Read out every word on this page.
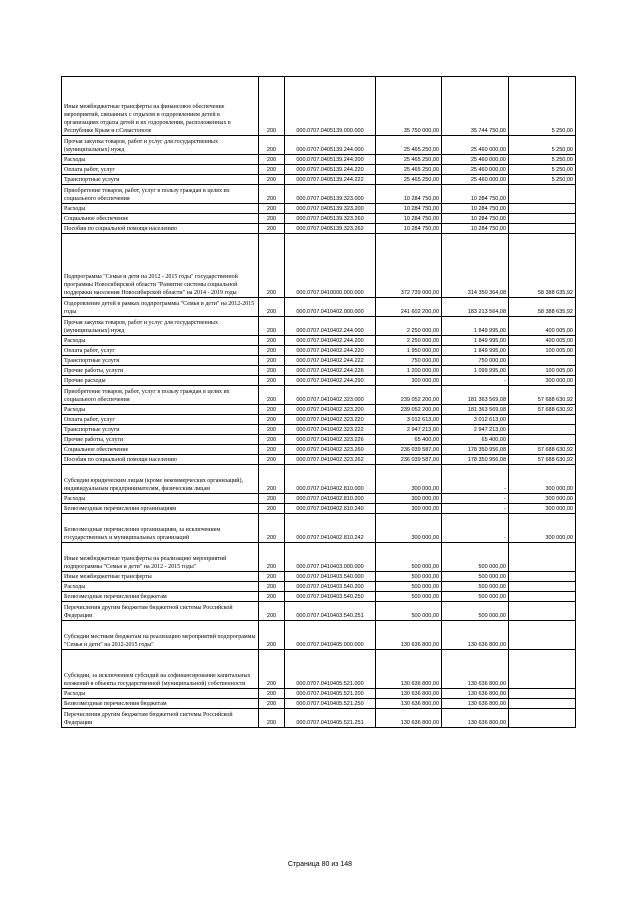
Иные межбюджетные трансферты на финансовое обеспечение мероприятий, связанных с отдыхом и оздоровлением детей в организациях отдыха детей и их оздоровления, расположенных в Республике Крым и г.Севастополе	200	000.0707.0405139.000.000	35 750 000,00	35 744 750,00	5 250,00
Прочая закупка товаров, работ и услуг для государственных (муниципальных) нужд	200	000.0707.0405139.244.000	25 465 250,00	25 460 000,00	5 250,00
Расходы	200	000.0707.0405139.244.200	25 465 250,00	25 460 000,00	5 250,00
Оплата работ, услуг	200	000.0707.0405139.244.220	25 465 250,00	25 460 000,00	5 250,00
Транспортные услуги	200	000.0707.0405139.244.222	25 465 250,00	25 460 000,00	5 250,00
Приобретение товаров, работ, услуг в пользу граждан в целях их социального обеспечения	200	000.0707.0405139.323.000	10 284 750,00	10 284 750,00	
Расходы	200	000.0707.0405139.323.200	10 284 750,00	10 284 750,00	
Социальное обеспечение	200	000.0707.0405139.323.260	10 284 750,00	10 284 750,00	
Пособия по социальной помощи населению	200	000.0707.0405139.323.262	10 284 750,00	10 284 750,00	
Подпрограмма "Семья и дети на 2012 - 2015 годы" государственной программы Новосибирской области "Развитие системы социальной поддержки населения Новосибирской области" на 2014 - 2019 годы	200	000.0707.0410000.000.000	372 739 000,00	314 350 364,08	58 388 635,92
Оздоровление детей в рамках подпрограммы "Семья и дети" на 2012-2015 годы	200	000.0707.0410402.000.000	241 602 200,00	183 213 564,08	58 388 635,92
Прочая закупка товаров, работ и услуг для государственных (муниципальных) нужд	200	000.0707.0410402.244.000	2 250 000,00	1 849 995,00	400 005,00
Расходы	200	000.0707.0410402.244.200	2 250 000,00	1 849 995,00	400 005,00
Оплата работ, услуг	200	000.0707.0410402.244.220	1 950 000,00	1 849 995,00	100 005,00
Транспортные услуги	200	000.0707.0410402.244.222	750 000,00	750 000,00	
Прочие работы, услуги	200	000.0707.0410402.244.226	1 200 000,00	1 099 995,00	100 005,00
Прочие расходы	200	000.0707.0410402.244.290	300 000,00	-	300 000,00
Приобретение товаров, работ, услуг в пользу граждан в целях их социального обеспечения	200	000.0707.0410402.323.000	239 052 200,00	181 363 569,08	57 688 630,92
Расходы	200	000.0707.0410402.323.200	239 052 200,00	181 363 569,08	57 688 630,92
Оплата работ, услуг	200	000.0707.0410402.323.220	3 012 613,00	3 012 613,00	
Транспортные услуги	200	000.0707.0410402.323.222	2 947 213,00	2 947 213,00	
Прочие работы, услуги	200	000.0707.0410402.323.226	65 400,00	65 400,00	
Социальное обеспечение	200	000.0707.0410402.323.260	236 039 587,00	178 350 956,08	57 688 630,92
Пособия по социальной помощи населению	200	000.0707.0410402.323.262	236 039 587,00	178 350 956,08	57 688 630,92
Субсидии юридическим лицам (кроме некоммерческих организаций), индивидуальным предпринимателям, физическим лицам	200	000.0707.0410402.810.000	300 000,00	-	300 000,00
Расходы	200	000.0707.0410402.810.200	300 000,00	-	300 000,00
Безвозмездные перечисления организациям	200	000.0707.0410402.810.240	300 000,00	-	300 000,00
Безвозмездные перечисления организациям, за исключением государственных и муниципальных организаций	200	000.0707.0410402.810.242	300 000,00	-	300 000,00
Иные межбюджетные трансферты на реализацию мероприятий подпрограммы "Семья и дети" на 2012 - 2015 годы"	200	000.0707.0410403.000.000	500 000,00	500 000,00	
Иные межбюджетные трансферты	200	000.0707.0410403.540.000	500 000,00	500 000,00	
Расходы	200	000.0707.0410403.540.200	500 000,00	500 000,00	
Безвозмездные перечисления бюджетам	200	000.0707.0410403.540.250	500 000,00	500 000,00	
Перечисления другим бюджетам бюджетной системы Российской Федерации	200	000.0707.0410403.540.251	500 000,00	500 000,00	
Субсидии местным бюджетам на реализацию мероприятий подпрограммы "Семья и дети" на 2012-2015 годы"	200	000.0707.0410405.000.000	130 636 800,00	130 636 800,00	
Субсидии, за исключением субсидий на софинансирование капитальных вложений в объекты государственной (муниципальной) собственности	200	000.0707.0410405.521.000	130 636 800,00	130 636 800,00	
Расходы	200	000.0707.0410405.521.200	130 636 800,00	130 636 800,00	
Безвозмездные перечисления бюджетам	200	000.0707.0410405.521.250	130 636 800,00	130 636 800,00	
Перечисления другим бюджетам бюджетной системы Российской Федерации	200	000.0707.0410405.521.251	130 636 800,00	130 636 800,00	
Страница 80 из 148
